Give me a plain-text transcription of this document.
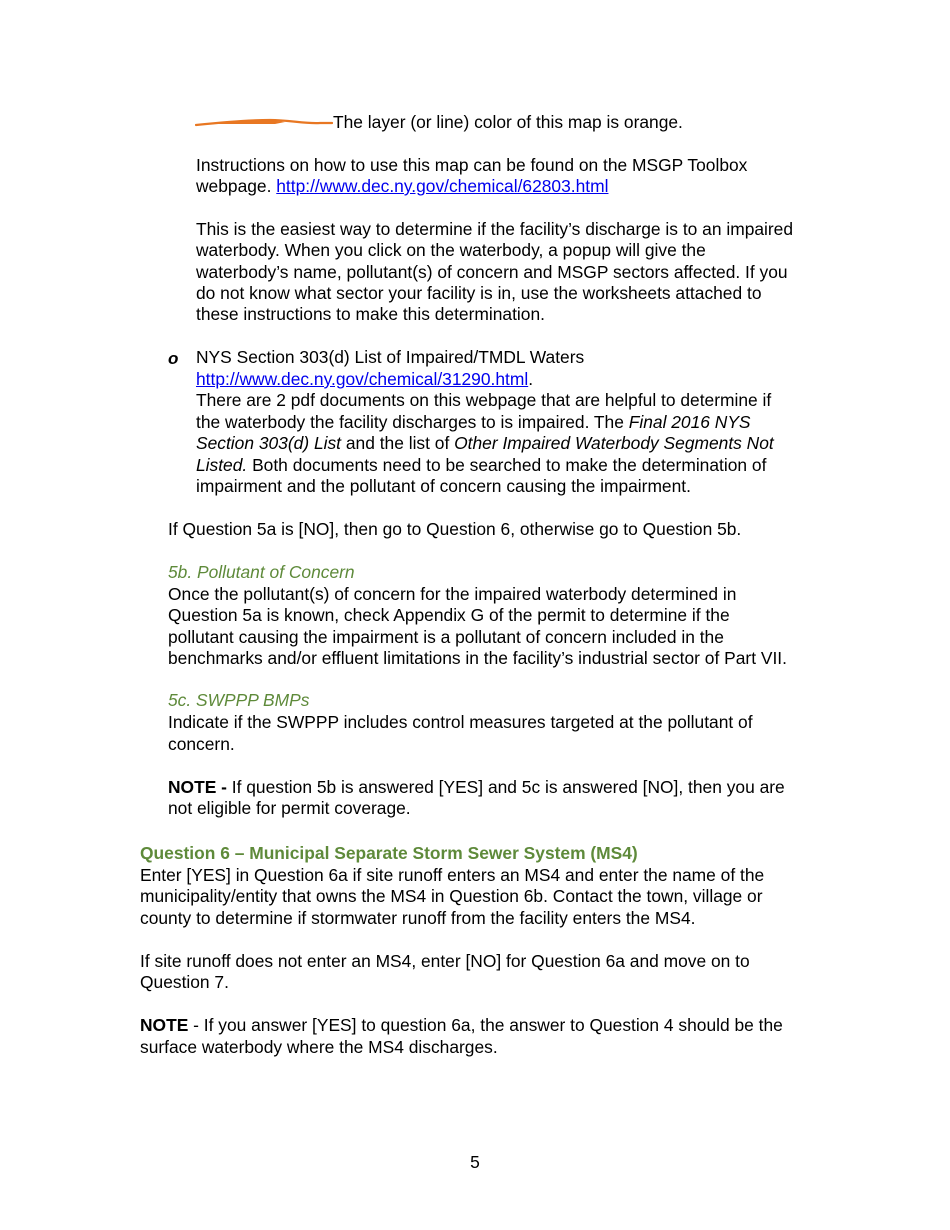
The layer (or line) color of this map is orange.

Instructions on how to use this map can be found on the MSGP Toolbox

webpage. http://www.dec.ny.gov/chemical/62803.html

This is the easiest way to determine if the facility’s discharge is to an impaired

waterbody. When you click on the waterbody, a popup will give the

waterbody’s name, pollutant(s) of concern and MSGP sectors affected. If you

do not know what sector your facility is in, use the worksheets attached to

these instructions to make this determination.

o NYS Section 303(d) List of Impaired/TMDL Waters

http://www.dec.ny.gov/chemical/31290.html.

There are 2 pdf documents on this webpage that are helpful to determine if

the waterbody the facility discharges to is impaired. The Final 2016 NYS

Section 303(d) List and the list of Other Impaired Waterbody Segments Not

Listed. Both documents need to be searched to make the determination of

impairment and the pollutant of concern causing the impairment.

If Question 5a is [NO], then go to Question 6, otherwise go to Question 5b.

5b. Pollutant of Concern

Once the pollutant(s) of concern for the impaired waterbody determined in

Question 5a is known, check Appendix G of the permit to determine if the

pollutant causing the impairment is a pollutant of concern included in the

benchmarks and/or effluent limitations in the facility’s industrial sector of Part VII.

5c. SWPPP BMPs

Indicate if the SWPPP includes control measures targeted at the pollutant of

concern.

NOTE - If question 5b is answered [YES] and 5c is answered [NO], then you are

not eligible for permit coverage.

Question 6 – Municipal Separate Storm Sewer System (MS4)

Enter [YES] in Question 6a if site runoff enters an MS4 and enter the name of the

municipality/entity that owns the MS4 in Question 6b. Contact the town, village or

county to determine if stormwater runoff from the facility enters the MS4.

If site runoff does not enter an MS4, enter [NO] for Question 6a and move on to

Question 7.

NOTE - If you answer [YES] to question 6a, the answer to Question 4 should be the

surface waterbody where the MS4 discharges.

5
